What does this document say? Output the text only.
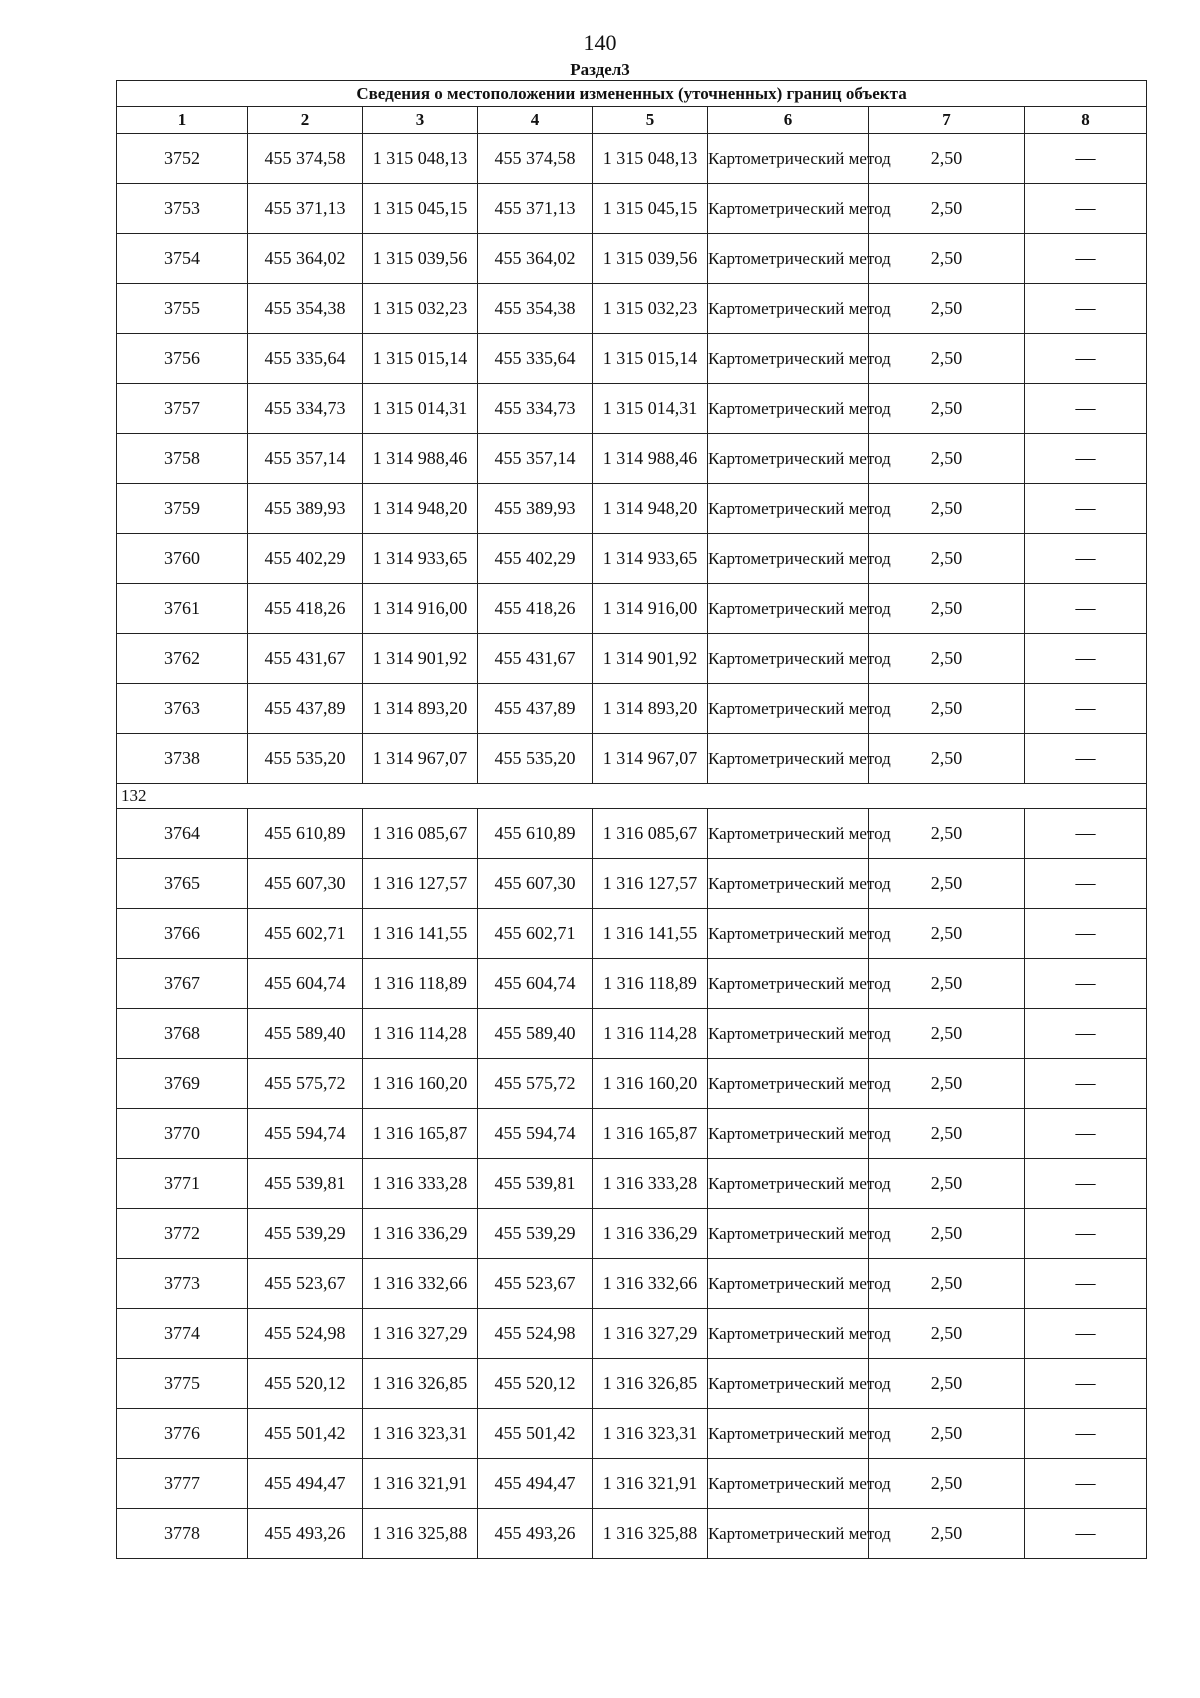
140
Раздел3
Сведения о местоположении измененных (уточненных) границ объекта							
1	2	3	4	5	6	7	8
3752	455 374,58	1 315 048,13	455 374,58	1 315 048,13	Картометрический метод	2,50	—
3753	455 371,13	1 315 045,15	455 371,13	1 315 045,15	Картометрический метод	2,50	—
3754	455 364,02	1 315 039,56	455 364,02	1 315 039,56	Картометрический метод	2,50	—
3755	455 354,38	1 315 032,23	455 354,38	1 315 032,23	Картометрический метод	2,50	—
3756	455 335,64	1 315 015,14	455 335,64	1 315 015,14	Картометрический метод	2,50	—
3757	455 334,73	1 315 014,31	455 334,73	1 315 014,31	Картометрический метод	2,50	—
3758	455 357,14	1 314 988,46	455 357,14	1 314 988,46	Картометрический метод	2,50	—
3759	455 389,93	1 314 948,20	455 389,93	1 314 948,20	Картометрический метод	2,50	—
3760	455 402,29	1 314 933,65	455 402,29	1 314 933,65	Картометрический метод	2,50	—
3761	455 418,26	1 314 916,00	455 418,26	1 314 916,00	Картометрический метод	2,50	—
3762	455 431,67	1 314 901,92	455 431,67	1 314 901,92	Картометрический метод	2,50	—
3763	455 437,89	1 314 893,20	455 437,89	1 314 893,20	Картометрический метод	2,50	—
3738	455 535,20	1 314 967,07	455 535,20	1 314 967,07	Картометрический метод	2,50	—
132							
3764	455 610,89	1 316 085,67	455 610,89	1 316 085,67	Картометрический метод	2,50	—
3765	455 607,30	1 316 127,57	455 607,30	1 316 127,57	Картометрический метод	2,50	—
3766	455 602,71	1 316 141,55	455 602,71	1 316 141,55	Картометрический метод	2,50	—
3767	455 604,74	1 316 118,89	455 604,74	1 316 118,89	Картометрический метод	2,50	—
3768	455 589,40	1 316 114,28	455 589,40	1 316 114,28	Картометрический метод	2,50	—
3769	455 575,72	1 316 160,20	455 575,72	1 316 160,20	Картометрический метод	2,50	—
3770	455 594,74	1 316 165,87	455 594,74	1 316 165,87	Картометрический метод	2,50	—
3771	455 539,81	1 316 333,28	455 539,81	1 316 333,28	Картометрический метод	2,50	—
3772	455 539,29	1 316 336,29	455 539,29	1 316 336,29	Картометрический метод	2,50	—
3773	455 523,67	1 316 332,66	455 523,67	1 316 332,66	Картометрический метод	2,50	—
3774	455 524,98	1 316 327,29	455 524,98	1 316 327,29	Картометрический метод	2,50	—
3775	455 520,12	1 316 326,85	455 520,12	1 316 326,85	Картометрический метод	2,50	—
3776	455 501,42	1 316 323,31	455 501,42	1 316 323,31	Картометрический метод	2,50	—
3777	455 494,47	1 316 321,91	455 494,47	1 316 321,91	Картометрический метод	2,50	—
3778	455 493,26	1 316 325,88	455 493,26	1 316 325,88	Картометрический метод	2,50	—
